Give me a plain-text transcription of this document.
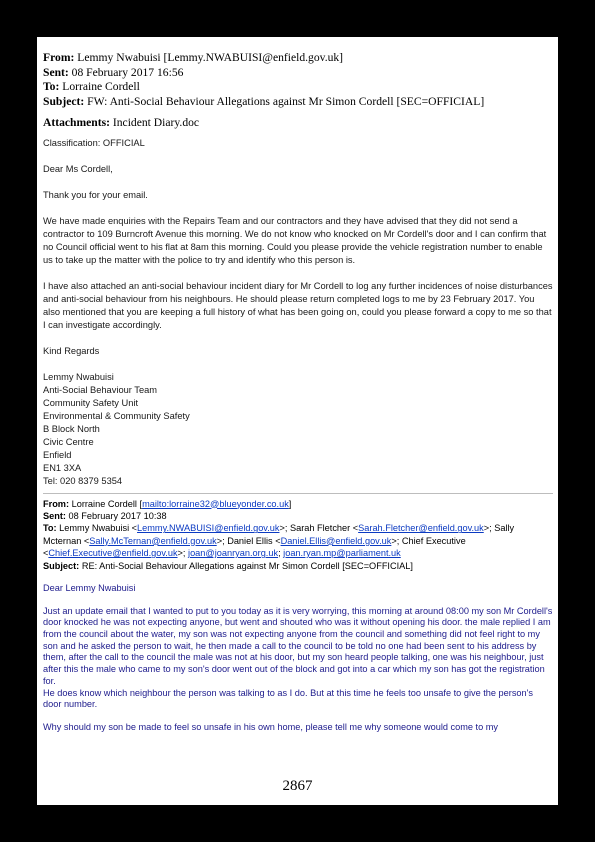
From: Lemmy Nwabuisi [Lemmy.NWABUISI@enfield.gov.uk]
Sent: 08 February 2017 16:56
To: Lorraine Cordell
Subject: FW: Anti-Social Behaviour Allegations against Mr Simon Cordell [SEC=OFFICIAL]
Attachments: Incident Diary.doc
Classification: OFFICIAL
Dear Ms Cordell,
Thank you for your email.
We have made enquiries with the Repairs Team and our contractors and they have advised that they did not send a contractor to 109 Burncroft Avenue this morning. We do not know who knocked on Mr Cordell's door and I can confirm that no Council official went to his flat at 8am this morning. Could you please provide the vehicle registration number to enable us to take up the matter with the police to try and identify who this person is.
I have also attached an anti-social behaviour incident diary for Mr Cordell to log any further incidences of noise disturbances and anti-social behaviour from his neighbours. He should please return completed logs to me by 23 February 2017. You also mentioned that you are keeping a full history of what has been going on, could you please forward a copy to me so that I can investigate accordingly.
Kind Regards
Lemmy Nwabuisi
Anti-Social Behaviour Team
Community Safety Unit
Environmental & Community Safety
B Block North
Civic Centre
Enfield
EN1 3XA
Tel: 020 8379 5354
From: Lorraine Cordell [mailto:lorraine32@blueyonder.co.uk]
Sent: 08 February 2017 10:38
To: Lemmy Nwabuisi <Lemmy.NWABUISI@enfield.gov.uk>; Sarah Fletcher <Sarah.Fletcher@enfield.gov.uk>; Sally Mcternan <Sally.McTernan@enfield.gov.uk>; Daniel Ellis <Daniel.Ellis@enfield.gov.uk>; Chief Executive <Chief.Executive@enfield.gov.uk>; joan@joanryan.org.uk; joan.ryan.mp@parliament.uk
Subject: RE: Anti-Social Behaviour Allegations against Mr Simon Cordell [SEC=OFFICIAL]
Dear Lemmy Nwabuisi
Just an update email that I wanted to put to you today as it is very worrying, this morning at around 08:00 my son Mr Cordell's door knocked he was not expecting anyone, but went and shouted who was it without opening his door. the male replied I am from the council about the water, my son was not expecting anyone from the council and something did not feel right to my son and he asked the person to wait, he then made a call to the council to be told no one had been sent to his address by them, after the call to the council the male was not at his door, but my son heard people talking, one was his neighbour, just after this the male who came to my son's door went out of the block and got into a car which my son has got the registration for.
He does know which neighbour the person was talking to as I do. But at this time he feels too unsafe to give the person's door number.
Why should my son be made to feel so unsafe in his own home, please tell me why someone would come to my
2867
